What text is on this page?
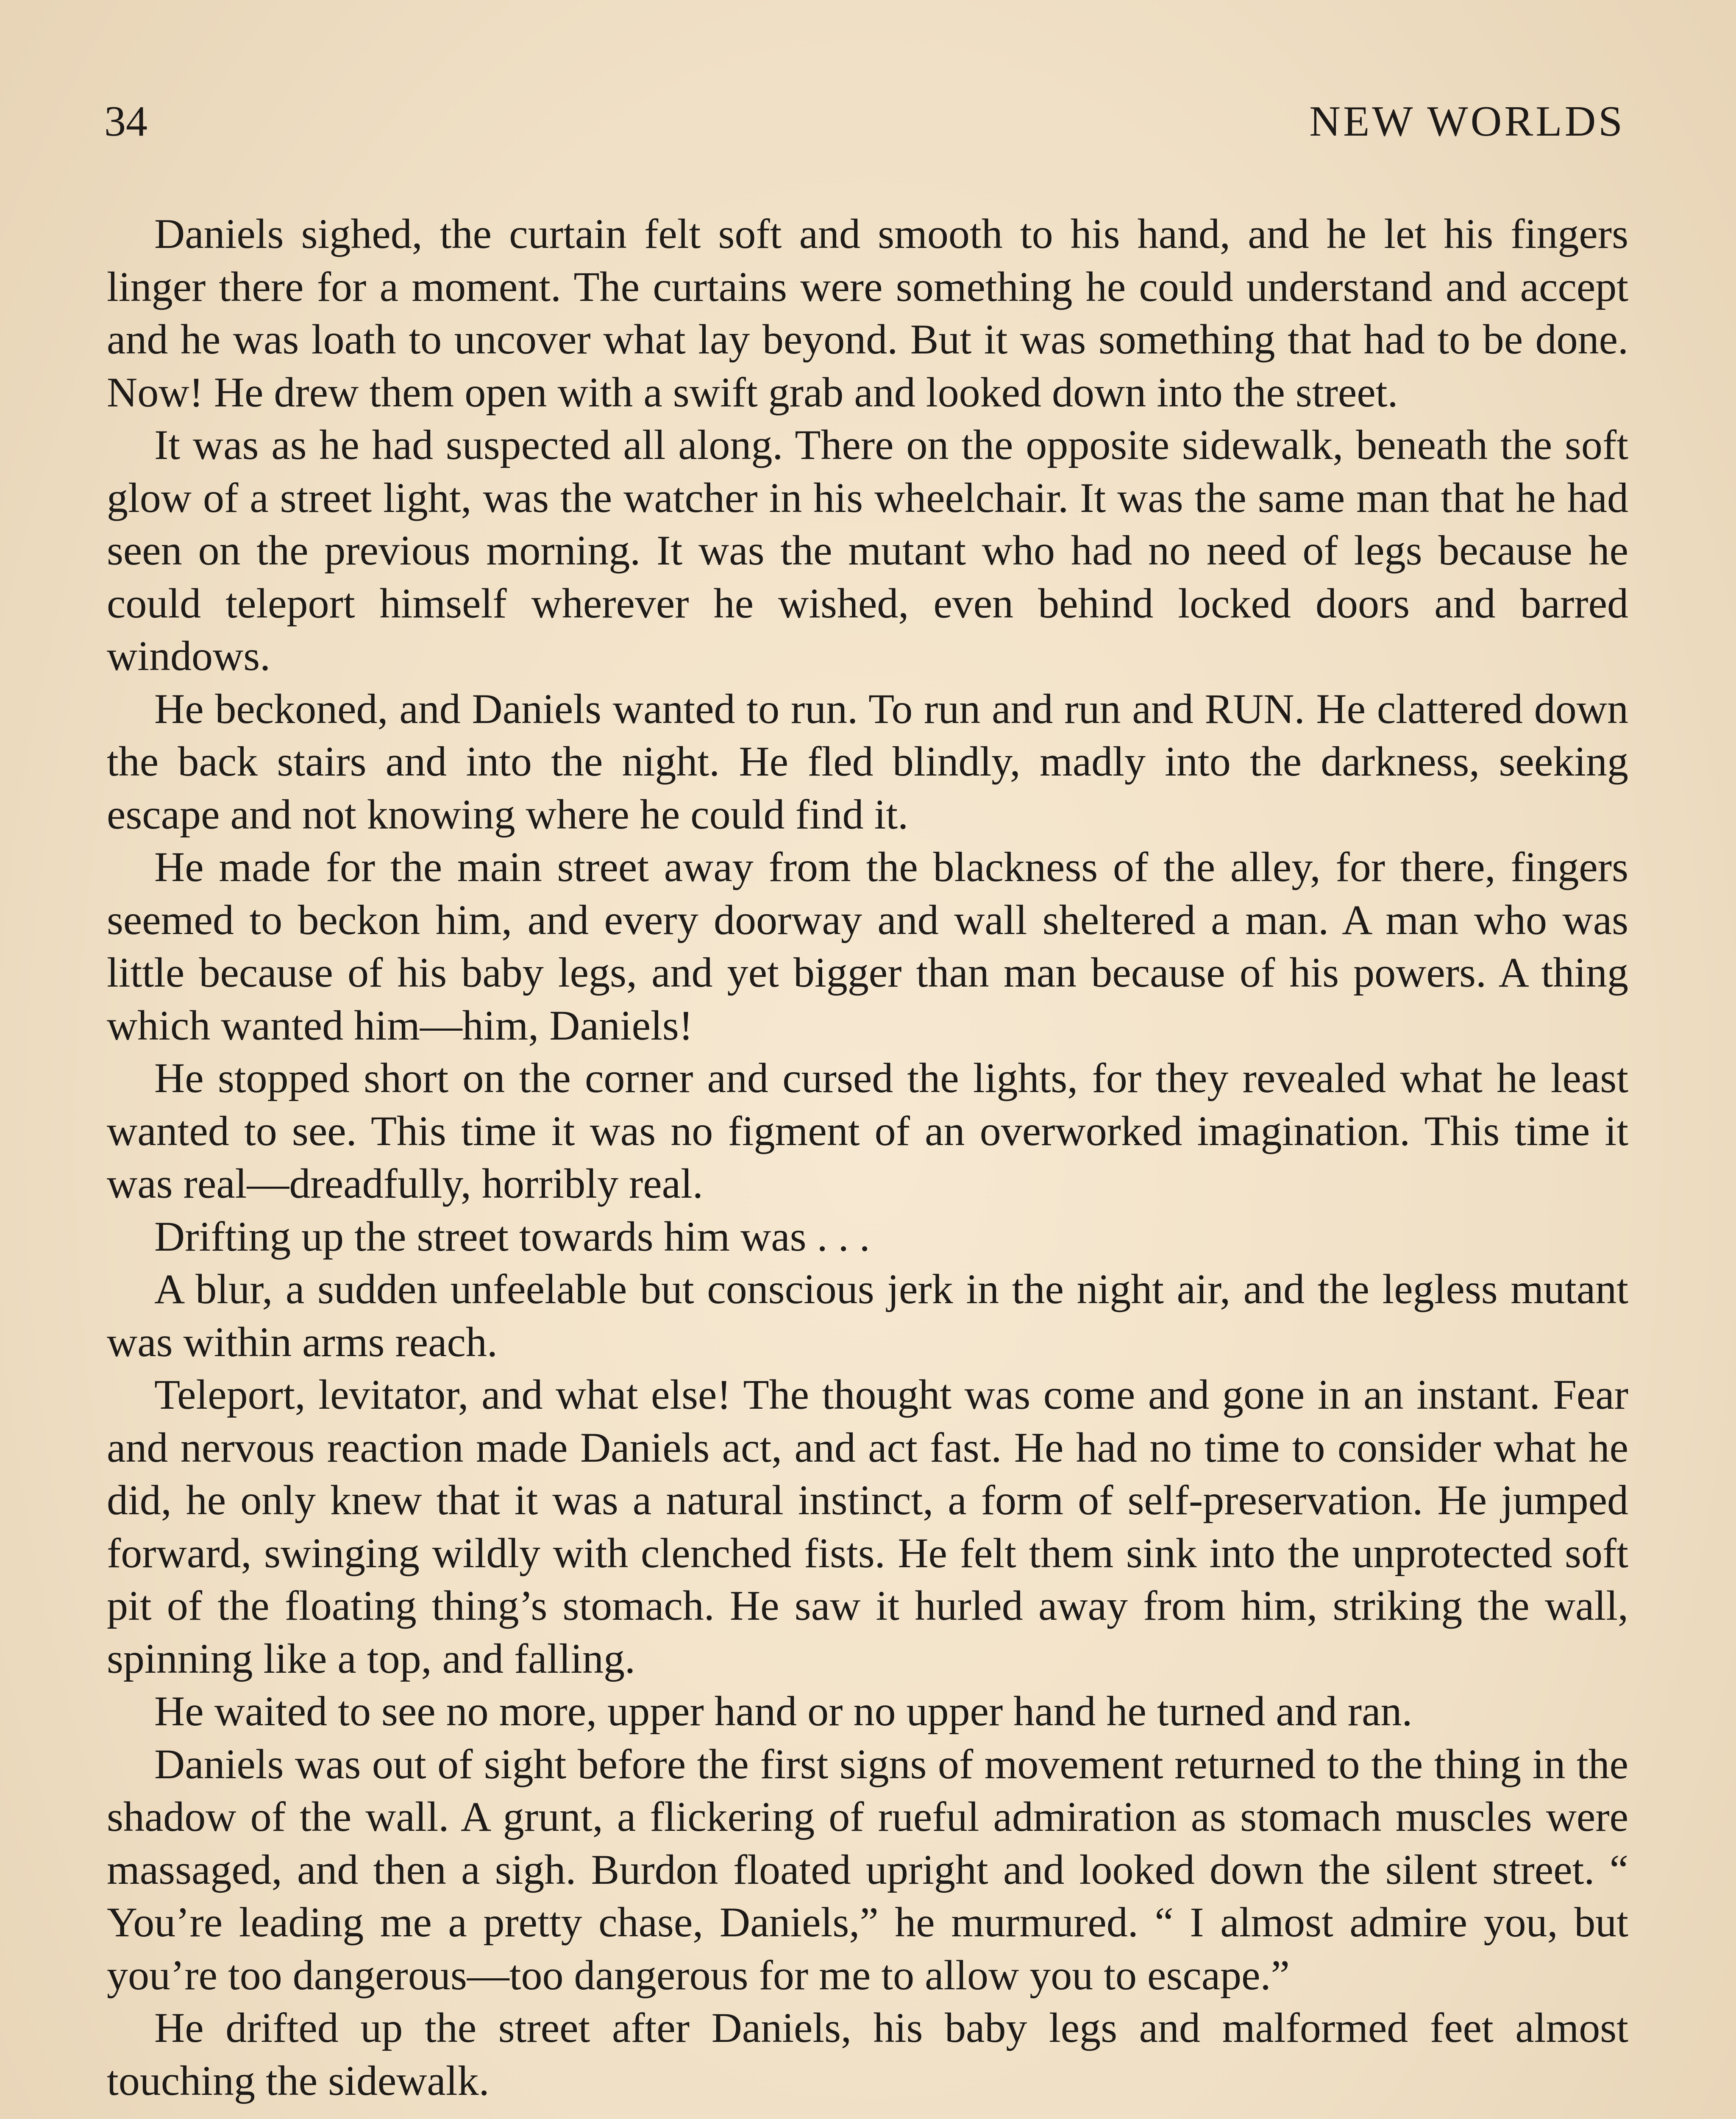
34	NEW WORLDS

Daniels sighed, the curtain felt soft and smooth to his hand, and he let his fingers linger there for a moment. The curtains were something he could understand and accept and he was loath to uncover what lay beyond. But it was something that had to be done. Now! He drew them open with a swift grab and looked down into the street.

It was as he had suspected all along. There on the opposite sidewalk, beneath the soft glow of a street light, was the watcher in his wheelchair. It was the same man that he had seen on the previous morning. It was the mutant who had no need of legs because he could teleport himself wherever he wished, even behind locked doors and barred windows.

He beckoned, and Daniels wanted to run. To run and run and RUN. He clattered down the back stairs and into the night. He fled blindly, madly into the darkness, seeking escape and not knowing where he could find it.

He made for the main street away from the blackness of the alley, for there, fingers seemed to beckon him, and every doorway and wall sheltered a man. A man who was little because of his baby legs, and yet bigger than man because of his powers. A thing which wanted him—him, Daniels!

He stopped short on the corner and cursed the lights, for they revealed what he least wanted to see. This time it was no figment of an overworked imagination. This time it was real—dreadfully, horribly real.

Drifting up the street towards him was . . .

A blur, a sudden unfeelable but conscious jerk in the night air, and the legless mutant was within arms reach.

Teleport, levitator, and what else! The thought was come and gone in an instant. Fear and nervous reaction made Daniels act, and act fast. He had no time to consider what he did, he only knew that it was a natural instinct, a form of self-preservation. He jumped forward, swinging wildly with clenched fists. He felt them sink into the unprotected soft pit of the floating thing’s stomach. He saw it hurled away from him, striking the wall, spinning like a top, and falling.

He waited to see no more, upper hand or no upper hand he turned and ran.

Daniels was out of sight before the first signs of movement returned to the thing in the shadow of the wall. A grunt, a flickering of rueful admiration as stomach muscles were massaged, and then a sigh. Burdon floated upright and looked down the silent street. “ You’re leading me a pretty chase, Daniels,” he murmured. “ I almost admire you, but you’re too dangerous—too dangerous for me to allow you to escape.”

He drifted up the street after Daniels, his baby legs and malformed feet almost touching the sidewalk.
